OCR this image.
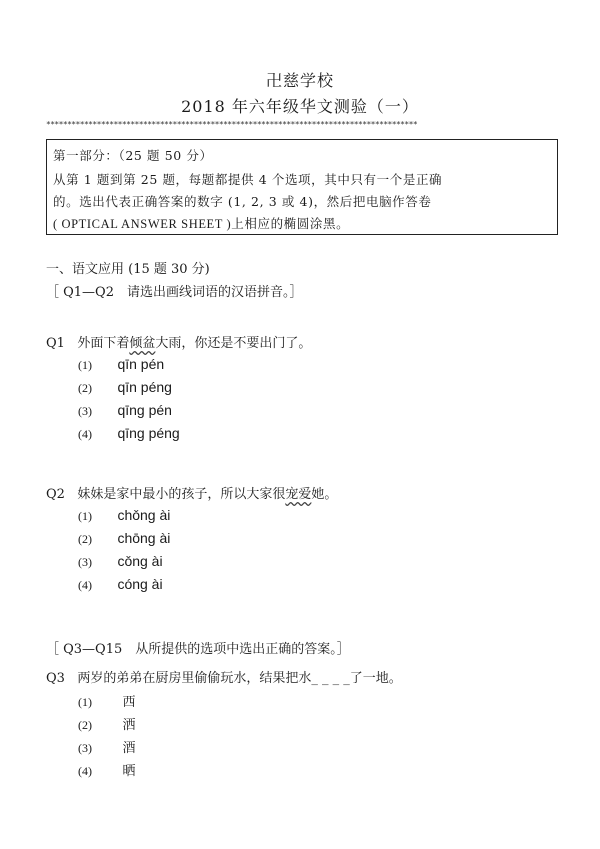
卍慈学校
2018 年六年级华文测验（一）
****************************************************************************************
第一部分：（25 题 50 分）
从第 1 题到第 25 题，每题都提供 4 个选项，其中只有一个是正确
的。选出代表正确答案的数字 (1, 2, 3 或 4)，然后把电脑作答卷
( OPTICAL ANSWER SHEET )上相应的椭圆涂黑。
一、语文应用 (15 题 30 分)
［ Q1—Q2　请选出画线词语的汉语拼音。］
Q1 外面下着倾盆大雨，你还是不要出门了。
(1) qīn pén
(2) qīn péng
(3) qīng pén
(4) qīng péng
Q2 妹妹是家中最小的孩子，所以大家很宠爱她。
(1) chǒng ài
(2) chōng ài
(3) cǒng ài
(4) cóng ài
［ Q3—Q15　从所提供的选项中选出正确的答案。］
Q3 两岁的弟弟在厨房里偷偷玩水，结果把水_ _ _ _了一地。
(1) 西
(2) 洒
(3) 酒
(4) 晒
